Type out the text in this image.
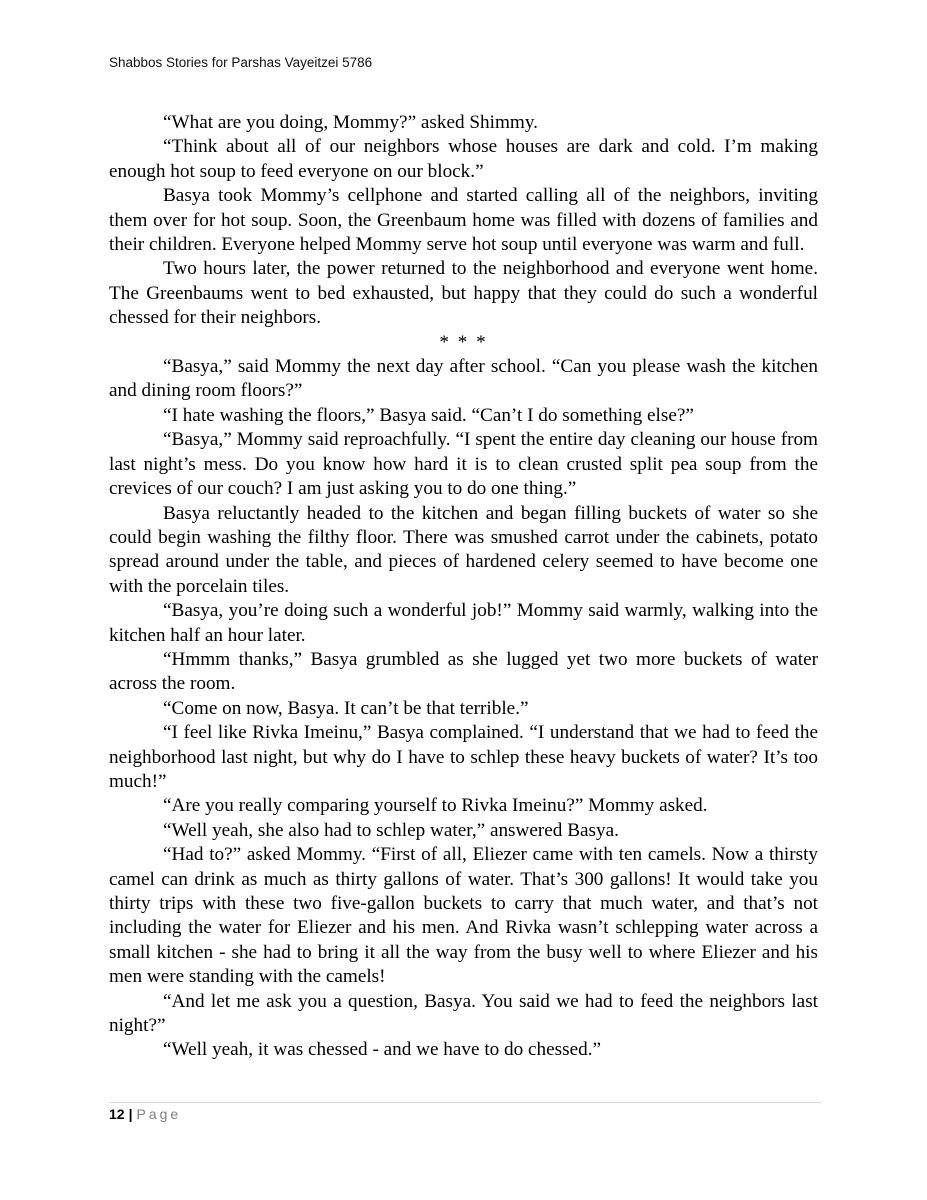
Shabbos Stories for Parshas Vayeitzei 5786

“What are you doing, Mommy?” asked Shimmy.

“Think about all of our neighbors whose houses are dark and cold. I’m making enough hot soup to feed everyone on our block.”

Basya took Mommy’s cellphone and started calling all of the neighbors, inviting them over for hot soup. Soon, the Greenbaum home was filled with dozens of families and their children. Everyone helped Mommy serve hot soup until everyone was warm and full.

Two hours later, the power returned to the neighborhood and everyone went home. The Greenbaums went to bed exhausted, but happy that they could do such a wonderful chessed for their neighbors.

* * *

“Basya,” said Mommy the next day after school. “Can you please wash the kitchen and dining room floors?”

“I hate washing the floors,” Basya said. “Can’t I do something else?”

“Basya,” Mommy said reproachfully. “I spent the entire day cleaning our house from last night’s mess. Do you know how hard it is to clean crusted split pea soup from the crevices of our couch? I am just asking you to do one thing.”

Basya reluctantly headed to the kitchen and began filling buckets of water so she could begin washing the filthy floor. There was smushed carrot under the cabinets, potato spread around under the table, and pieces of hardened celery seemed to have become one with the porcelain tiles.

“Basya, you’re doing such a wonderful job!” Mommy said warmly, walking into the kitchen half an hour later.

“Hmmm thanks,” Basya grumbled as she lugged yet two more buckets of water across the room.

“Come on now, Basya. It can’t be that terrible.”

“I feel like Rivka Imeinu,” Basya complained. “I understand that we had to feed the neighborhood last night, but why do I have to schlep these heavy buckets of water? It’s too much!”

“Are you really comparing yourself to Rivka Imeinu?” Mommy asked.

“Well yeah, she also had to schlep water,” answered Basya.

“Had to?” asked Mommy. “First of all, Eliezer came with ten camels. Now a thirsty camel can drink as much as thirty gallons of water. That’s 300 gallons! It would take you thirty trips with these two five-gallon buckets to carry that much water, and that’s not including the water for Eliezer and his men. And Rivka wasn’t schlepping water across a small kitchen - she had to bring it all the way from the busy well to where Eliezer and his men were standing with the camels!

“And let me ask you a question, Basya. You said we had to feed the neighbors last night?”

“Well yeah, it was chessed - and we have to do chessed.”

12 | Page
